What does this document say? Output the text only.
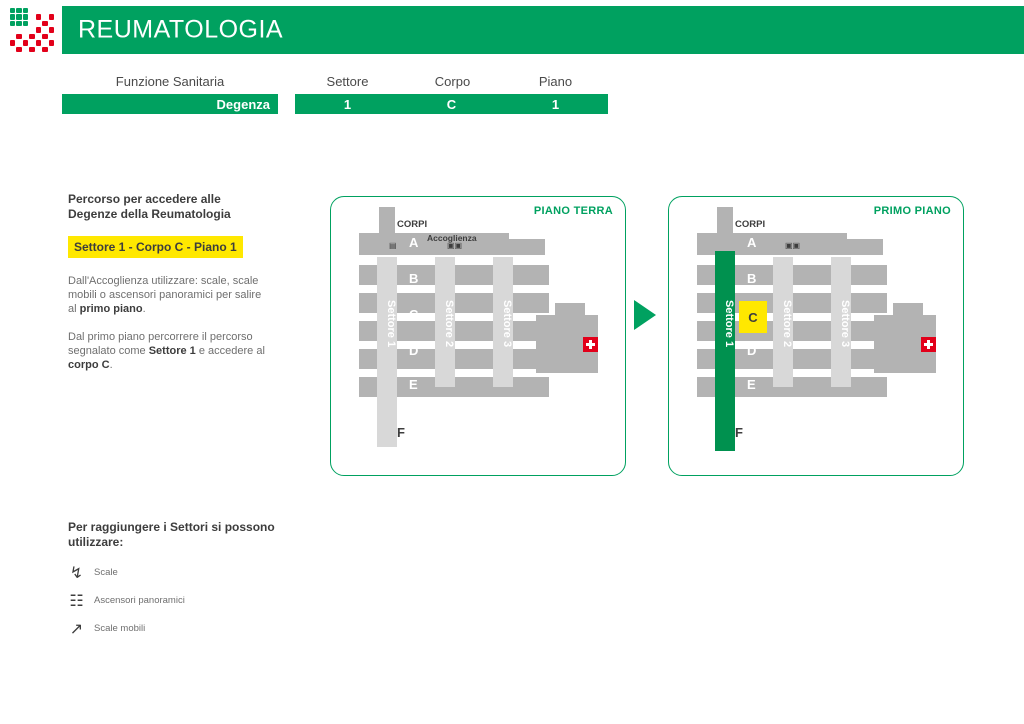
REUMATOLOGIA
Funzione Sanitaria	Settore	Corpo	Piano
Degenza	1	C	1

Percorso per accedere alle Degenze della Reumatologia

Settore 1 - Corpo C - Piano 1

Dall'Accoglienza utilizzare: scale, scale mobili o ascensori panoramici per salire al primo piano.

Dal primo piano percorrere il percorso segnalato come Settore 1 e accedere al corpo C.

Per raggiungere i Settori si possono utilizzare:
↯ Scale
☷ Ascensori panoramici
↗ Scale mobili
PIANO TERRA
CORPI
Accoglienza
▤	▣▣
Settore 1	Settore 2	Settore 3
A
B
C
D
E
F
PRIMO PIANO
CORPI
▣▣
Settore 1	Settore 2	Settore 3
A
B
C
D
E
F
